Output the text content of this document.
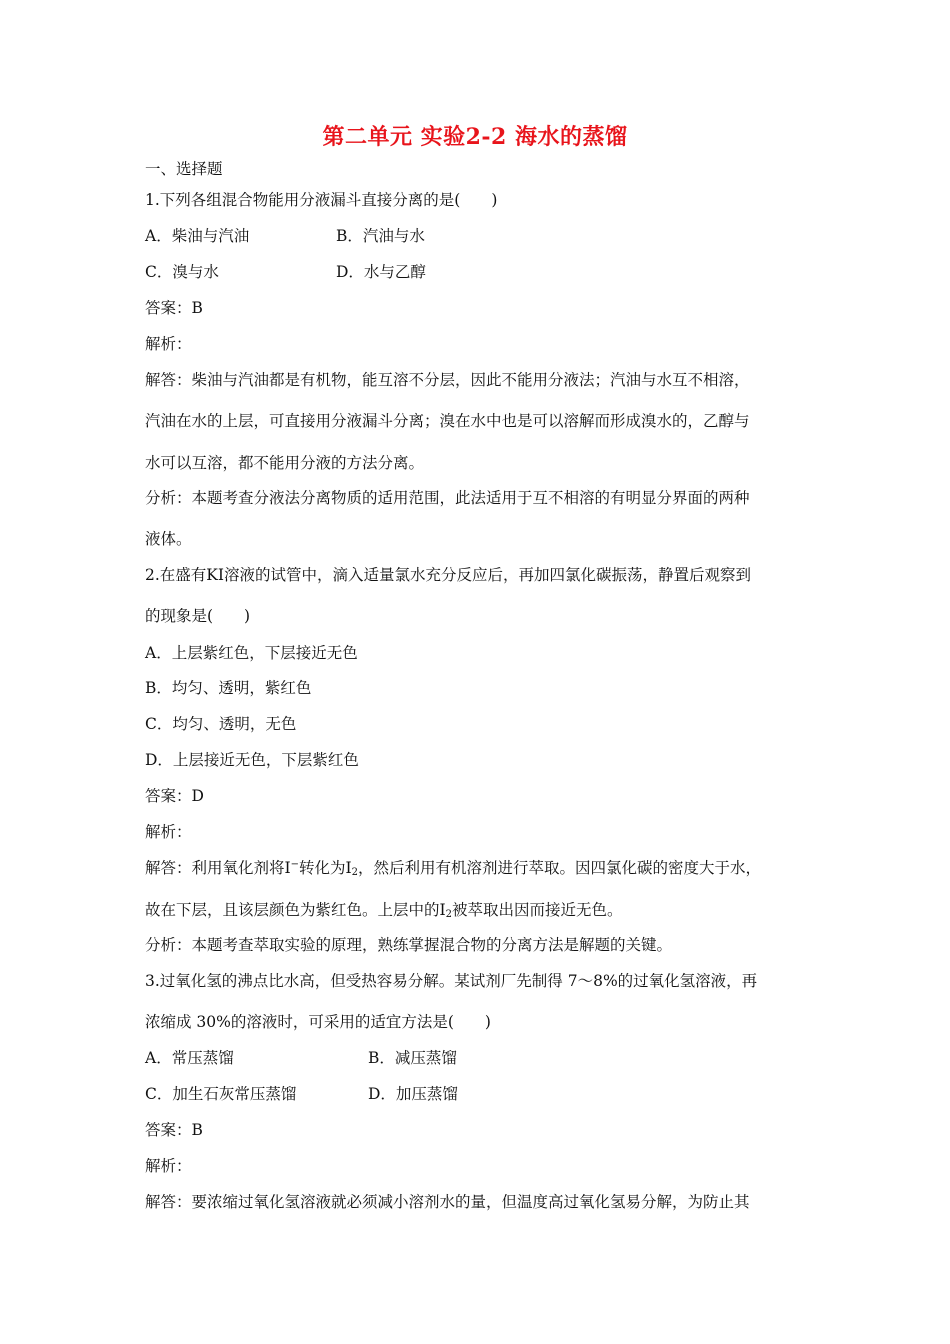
第二单元 实验2-2 海水的蒸馏
一、选择题
1.下列各组混合物能用分液漏斗直接分离的是(　　)
A．柴油与汽油	B．汽油与水
C．溴与水	D．水与乙醇
答案：B
解析：
解答：柴油与汽油都是有机物，能互溶不分层，因此不能用分液法；汽油与水互不相溶，
汽油在水的上层，可直接用分液漏斗分离；溴在水中也是可以溶解而形成溴水的，乙醇与
水可以互溶，都不能用分液的方法分离。
分析：本题考查分液法分离物质的适用范围，此法适用于互不相溶的有明显分界面的两种
液体。
2.在盛有KI溶液的试管中，滴入适量氯水充分反应后，再加四氯化碳振荡，静置后观察到
的现象是(　　)
A．上层紫红色，下层接近无色
B．均匀、透明，紫红色
C．均匀、透明，无色
D．上层接近无色，下层紫红色
答案：D
解析：
解答：利用氧化剂将I−转化为$I_2$，然后利用有机溶剂进行萃取。因四氯化碳的密度大于水，
故在下层，且该层颜色为紫红色。上层中的$I_2$被萃取出因而接近无色。
分析：本题考查萃取实验的原理，熟练掌握混合物的分离方法是解题的关键。
3.过氧化氢的沸点比水高，但受热容易分解。某试剂厂先制得 7～8%的过氧化氢溶液，再
浓缩成 30%的溶液时，可采用的适宜方法是(　　)
A．常压蒸馏	B．减压蒸馏
C．加生石灰常压蒸馏	D．加压蒸馏
答案：B
解析：
解答：要浓缩过氧化氢溶液就必须减小溶剂水的量，但温度高过氧化氢易分解，为防止其
